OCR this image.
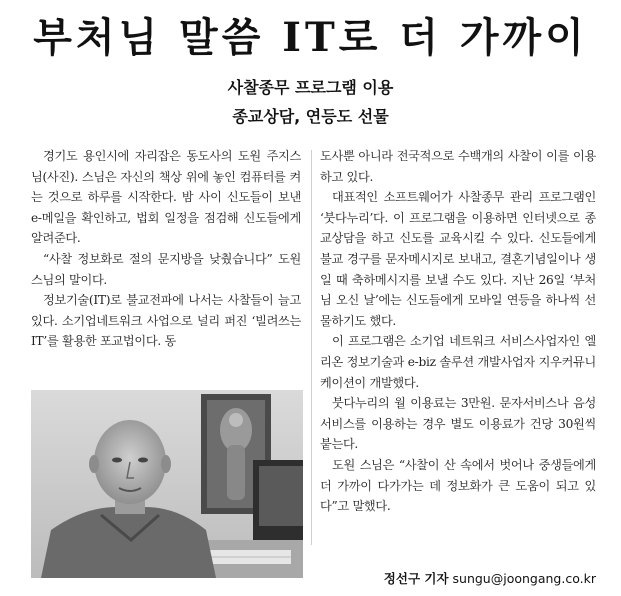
부처님 말씀 IT로 더 가까이
사찰종무 프로그램 이용
종교상담, 연등도 선물

경기도 용인시에 자리잡은 동도사의 도원 주지스님(사진). 스님은 자신의 책상 위에 놓인 컴퓨터를 켜는 것으로 하루를 시작한다. 밤 사이 신도들이 보낸 e-메일을 확인하고, 법회 일정을 점검해 신도들에게 알려준다.

“사찰 정보화로 절의 문지방을 낮췄습니다” 도원 스님의 말이다.

정보기술(IT)로 불교전파에 나서는 사찰들이 늘고 있다. 소기업네트워크 사업으로 널리 퍼진 ‘빌려쓰는 IT’를 활용한 포교법이다. 동

도사뿐 아니라 전국적으로 수백개의 사찰이 이를 이용하고 있다.

대표적인 소프트웨어가 사찰종무 관리 프로그램인 ‘붓다누리’다. 이 프로그램을 이용하면 인터넷으로 종교상담을 하고 신도를 교육시킬 수 있다. 신도들에게 불교 경구를 문자메시지로 보내고, 결혼기념일이나 생일 때 축하메시지를 보낼 수도 있다. 지난 26일 ‘부처님 오신 날’에는 신도들에게 모바일 연등을 하나씩 선물하기도 했다.

이 프로그램은 소기업 네트워크 서비스사업자인 엘리온 정보기술과 e-biz 솔루션 개발사업자 지우커뮤니케이션이 개발했다.

붓다누리의 월 이용료는 3만원. 문자서비스나 음성서비스를 이용하는 경우 별도 이용료가 건당 30원씩 붙는다.

도원 스님은 “사찰이 산 속에서 벗어나 중생들에게 더 가까이 다가가는 데 정보화가 큰 도움이 되고 있다”고 말했다.

정선구 기자 sungu@joongang.co.kr
